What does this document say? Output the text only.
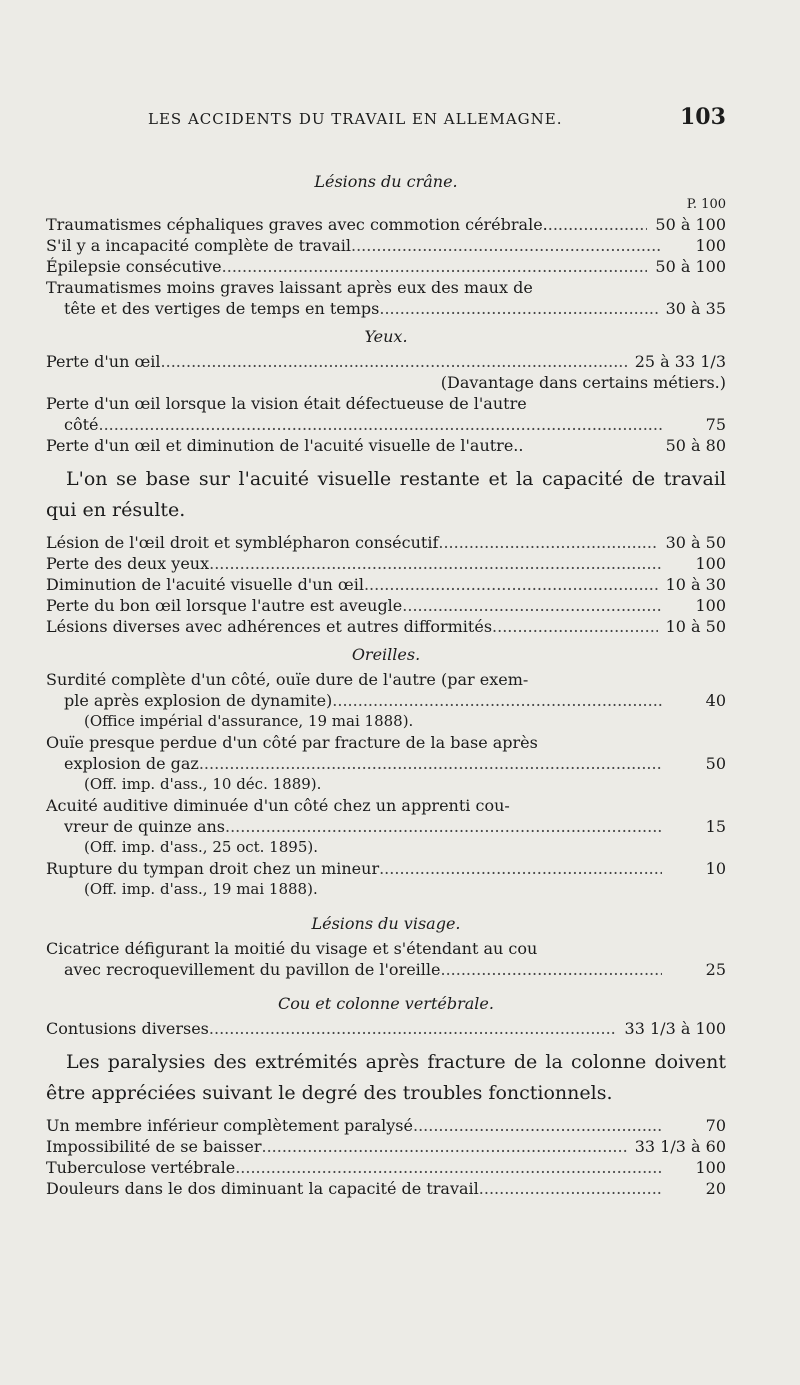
LES ACCIDENTS DU TRAVAIL EN ALLEMAGNE.	103
Lésions du crâne.
P. 100
Traumatismes céphaliques graves avec commotion cérébrale. .....	50 à 100
S'il y a incapacité complète de travail .....	100
Épilepsie consécutive .....	50 à 100
Traumatismes moins graves laissant après eux des maux de
tête et des vertiges de temps en temps .....	30 à 35
Yeux.
Perte d'un œil .....	25 à 33 1/3
(Davantage dans certains métiers.)
Perte d'un œil lorsque la vision était défectueuse de l'autre
côté .....	75
Perte d'un œil et diminution de l'acuité visuelle de l'autre..	50 à 80
L'on se base sur l'acuité visuelle restante et la capacité de travail qui en résulte.
Lésion de l'œil droit et symblépharon consécutif .....	30 à 50
Perte des deux yeux .....	100
Diminution de l'acuité visuelle d'un œil .....	10 à 30
Perte du bon œil lorsque l'autre est aveugle .....	100
Lésions diverses avec adhérences et autres difformités .....	10 à 50
Oreilles.
Surdité complète d'un côté, ouïe dure de l'autre (par exem-
ple après explosion de dynamite) .....	40
(Office impérial d'assurance, 19 mai 1888).
Ouïe presque perdue d'un côté par fracture de la base après
explosion de gaz .....	50
(Off. imp. d'ass., 10 déc. 1889).
Acuité auditive diminuée d'un côté chez un apprenti cou-
vreur de quinze ans .....	15
(Off. imp. d'ass., 25 oct. 1895).
Rupture du tympan droit chez un mineur .....	10
(Off. imp. d'ass., 19 mai 1888).
Lésions du visage.
Cicatrice défigurant la moitié du visage et s'étendant au cou
avec recroquevillement du pavillon de l'oreille .....	25
Cou et colonne vertébrale.
Contusions diverses .....	33 1/3 à 100
Les paralysies des extrémités après fracture de la colonne doivent être appréciées suivant le degré des troubles fonctionnels.
Un membre inférieur complètement paralysé .....	70
Impossibilité de se baisser .....	33 1/3 à 60
Tuberculose vertébrale .....	100
Douleurs dans le dos diminuant la capacité de travail .....	20
